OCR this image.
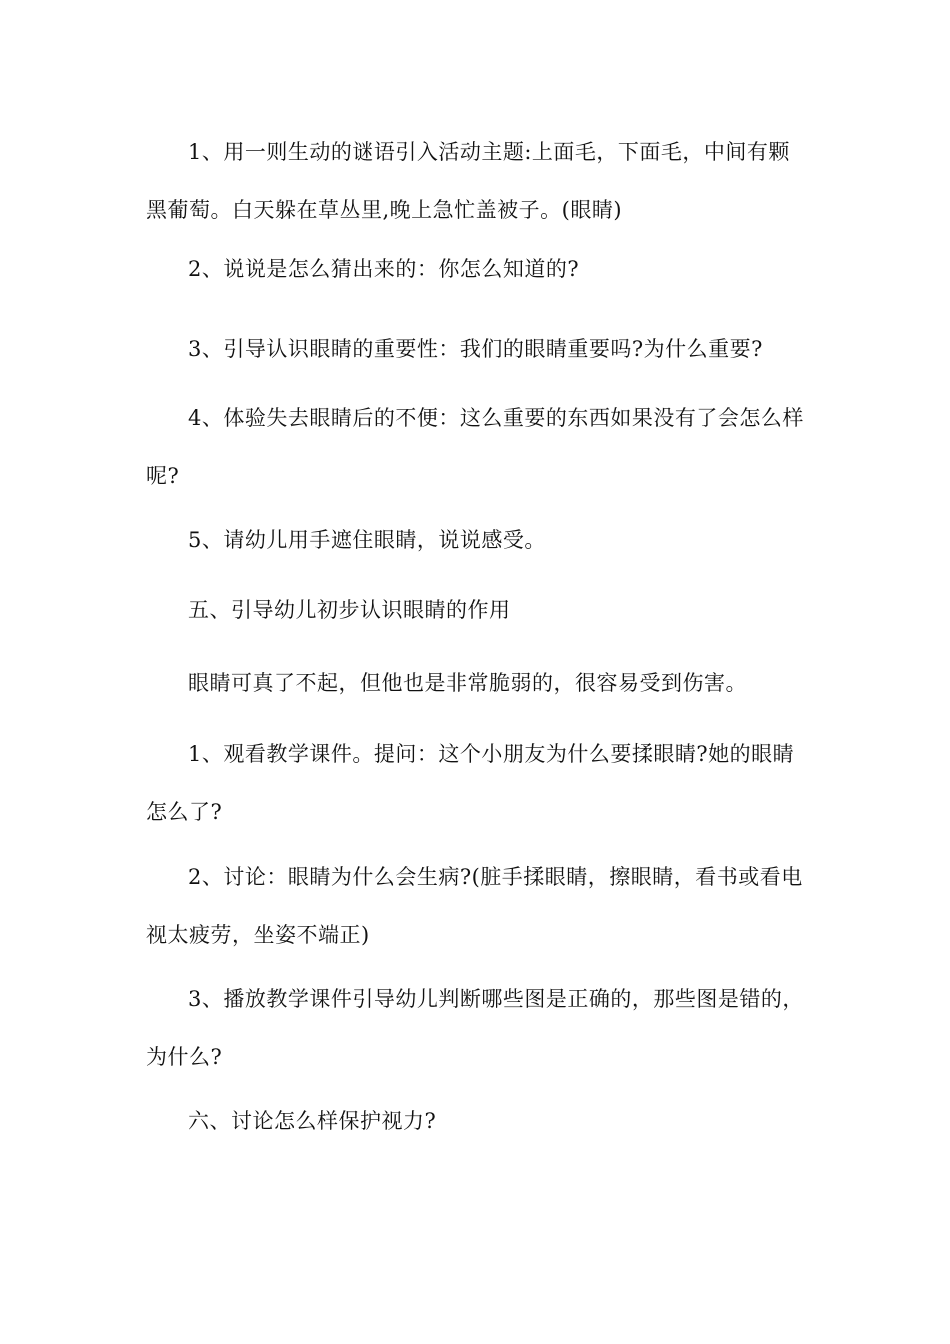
1、用一则生动的谜语引入活动主题:上面毛，下面毛，中间有颗黑葡萄。白天躲在草丛里,晚上急忙盖被子。(眼睛)

2、说说是怎么猜出来的：你怎么知道的?

3、引导认识眼睛的重要性：我们的眼睛重要吗?为什么重要?

4、体验失去眼睛后的不便：这么重要的东西如果没有了会怎么样呢?

5、请幼儿用手遮住眼睛，说说感受。

五、引导幼儿初步认识眼睛的作用

眼睛可真了不起，但他也是非常脆弱的，很容易受到伤害。

1、观看教学课件。提问：这个小朋友为什么要揉眼睛?她的眼睛怎么了?

2、讨论：眼睛为什么会生病?(脏手揉眼睛，擦眼睛，看书或看电视太疲劳，坐姿不端正)

3、播放教学课件引导幼儿判断哪些图是正确的，那些图是错的，为什么?

六、讨论怎么样保护视力?
